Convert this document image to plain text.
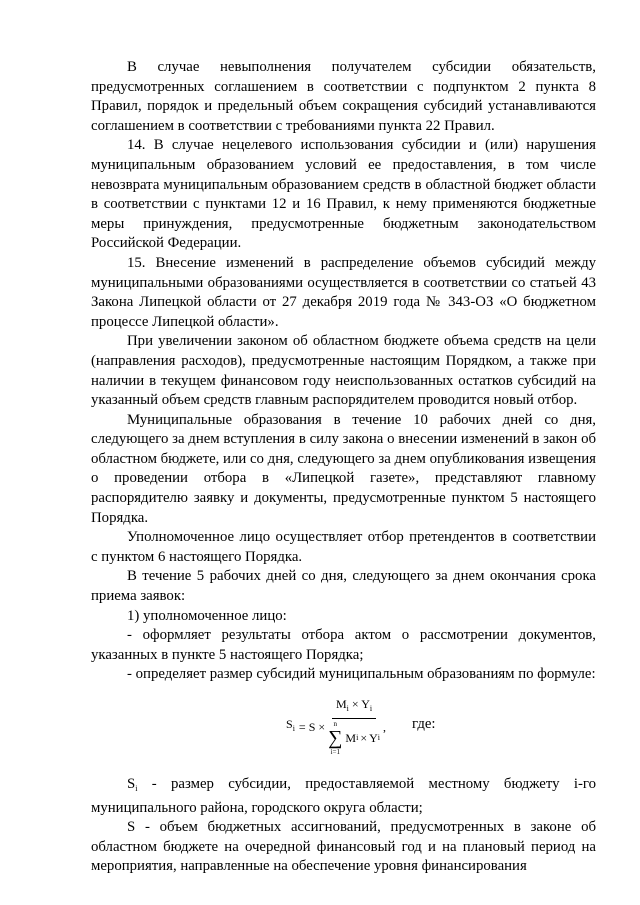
В случае невыполнения получателем субсидии обязательств, предусмотренных соглашением в соответствии с подпунктом 2 пункта 8 Правил, порядок и предельный объем сокращения субсидий устанавливаются соглашением в соответствии с требованиями пункта 22 Правил.

14. В случае нецелевого использования субсидии и (или) нарушения муниципальным образованием условий ее предоставления, в том числе невозврата муниципальным образованием средств в областной бюджет области в соответствии с пунктами 12 и 16 Правил, к нему применяются бюджетные меры принуждения, предусмотренные бюджетным законодательством Российской Федерации.

15. Внесение изменений в распределение объемов субсидий между муниципальными образованиями осуществляется в соответствии со статьей 43 Закона Липецкой области от 27 декабря 2019 года № 343-ОЗ «О бюджетном процессе Липецкой области».

При увеличении законом об областном бюджете объема средств на цели (направления расходов), предусмотренные настоящим Порядком, а также при наличии в текущем финансовом году неиспользованных остатков субсидий на указанный объем средств главным распорядителем проводится новый отбор.

Муниципальные образования в течение 10 рабочих дней со дня, следующего за днем вступления в силу закона о внесении изменений в закон об областном бюджете, или со дня, следующего за днем опубликования извещения о проведении отбора в «Липецкой газете», представляют главному распорядителю заявку и документы, предусмотренные пунктом 5 настоящего Порядка.

Уполномоченное лицо осуществляет отбор претендентов в соответствии с пунктом 6 настоящего Порядка.

В течение 5 рабочих дней со дня, следующего за днем окончания срока приема заявок:

1) уполномоченное лицо:

- оформляет результаты отбора актом о рассмотрении документов, указанных в пункте 5 настоящего Порядка;

- определяет размер субсидий муниципальным образованиям по формуле:

$S_i = S$ ×
$M_i \times Y_i$
n
∑
i=1
M i × Y i
, где:

$S_i$ - размер субсидии, предоставляемой местному бюджету i-го муниципального района, городского округа области;

S - объем бюджетных ассигнований, предусмотренных в законе об областном бюджете на очередной финансовый год и на плановый период на мероприятия, направленные на обеспечение уровня финансирования
